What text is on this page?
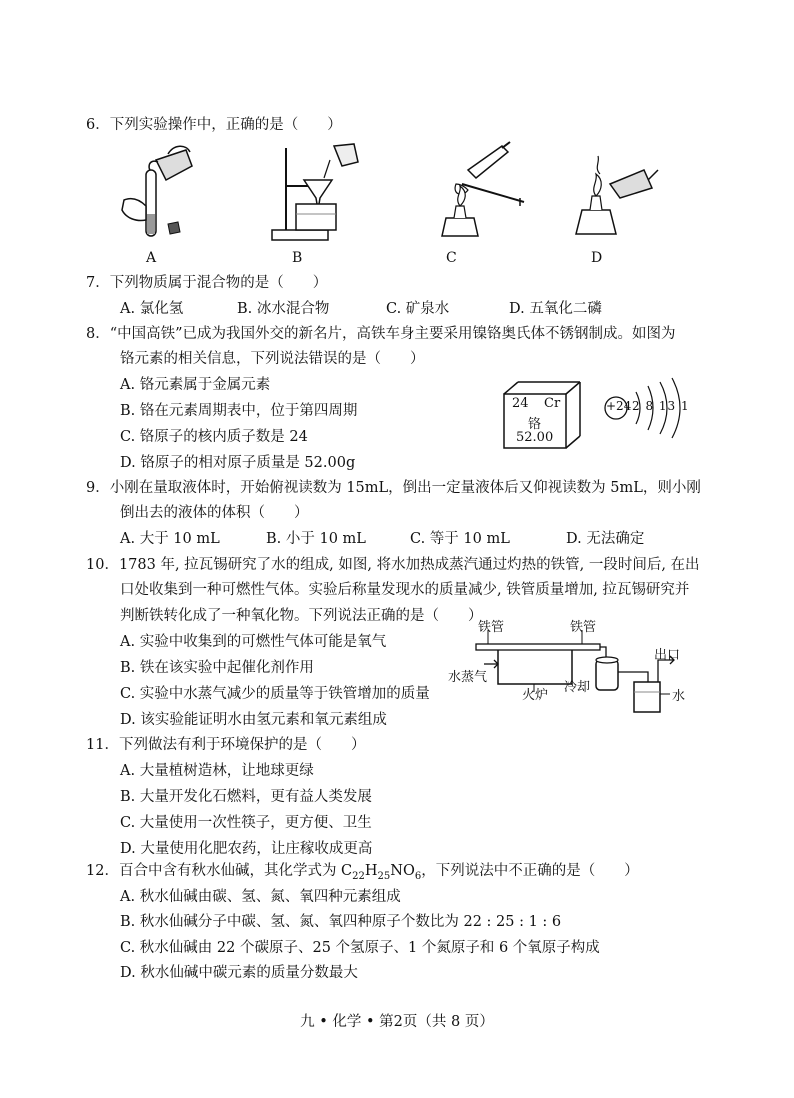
6．下列实验操作中，正确的是（　　）
A	B	C	D
7．下列物质属于混合物的是（　　）
A. 氯化氢	B. 冰水混合物	C. 矿泉水	D. 五氧化二磷
8．“中国高铁”已成为我国外交的新名片，高铁车身主要采用镍铬奥氏体不锈钢制成。如图为
铬元素的相关信息，下列说法错误的是（　　）
A. 铬元素属于金属元素
B. 铬在元素周期表中，位于第四周期
C. 铬原子的核内质子数是 24
D. 铬原子的相对原子质量是 52.00g
24 Cr
铬
52.00
+24 2 8 13 1
9．小刚在量取液体时，开始俯视读数为 15mL，倒出一定量液体后又仰视读数为 5mL，则小刚
倒出去的液体的体积（　　）
A. 大于 10 mL	B. 小于 10 mL	C. 等于 10 mL	D. 无法确定
10．1783 年, 拉瓦锡研究了水的组成, 如图, 将水加热成蒸汽通过灼热的铁管, 一段时间后, 在出
口处收集到一种可燃性气体。实验后称量发现水的质量减少, 铁管质量增加, 拉瓦锡研究并
判断铁转化成了一种氧化物。下列说法正确的是（　　）
A. 实验中收集到的可燃性气体可能是氧气
B. 铁在该实验中起催化剂作用
C. 实验中水蒸气减少的质量等于铁管增加的质量
D. 该实验能证明水由氢元素和氧元素组成
铁管	铁管
出口
水蒸气
火炉
冷却
水
11．下列做法有利于环境保护的是（　　）
A. 大量植树造林，让地球更绿
B. 大量开发化石燃料，更有益人类发展
C. 大量使用一次性筷子，更方便、卫生
D. 大量使用化肥农药，让庄稼收成更高
12．百合中含有秋水仙碱，其化学式为 $C_{22}H_{25}NO_6$，下列说法中不正确的是（　　）
A. 秋水仙碱由碳、氢、氮、氧四种元素组成
B. 秋水仙碱分子中碳、氢、氮、氧四种原子个数比为 22 : 25 : 1 : 6
C. 秋水仙碱由 22 个碳原子、25 个氢原子、1 个氮原子和 6 个氧原子构成
D. 秋水仙碱中碳元素的质量分数最大
九 • 化学 • 第2页（共 8 页）
